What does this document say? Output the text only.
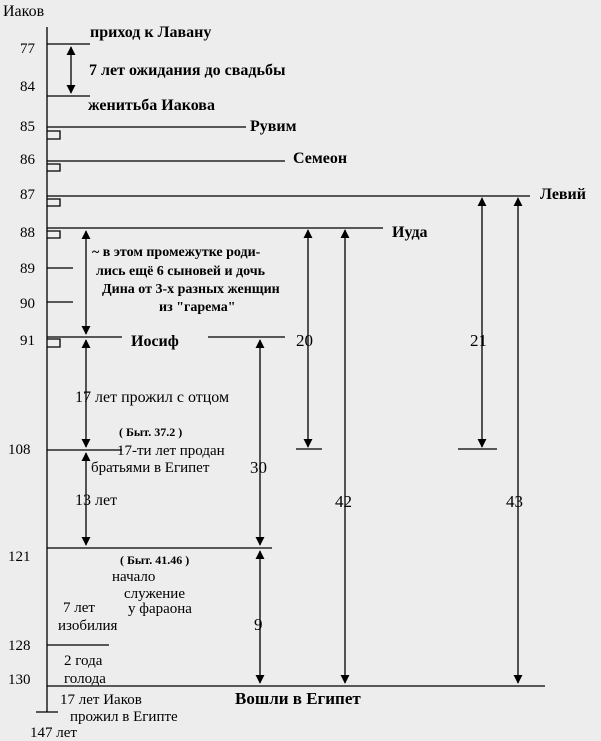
Иаков
77
84
85
86
87
88
89
90
91
108
121
128
130
147 лет
приход к Лавану
7 лет ожидания до свадьбы
женитьба Иакова
~ в этом промежутке роди-
лись ещё 6 сыновей и дочь
Дина от 3-х разных женщин
из "гарема"
17 лет прожил с отцом
( Быт. 37.2 )
17-ти лет продан
братьями в Египет
13 лет
( Быт. 41.46 )
начало
служение
у фараона
7 лет
изобилия
2 года
голода
17 лет Иаков
прожил в Египте
Вошли в Египет
Рувим
Семеон
Левий
Иуда
Иосиф	20	21
30
42	43
9
